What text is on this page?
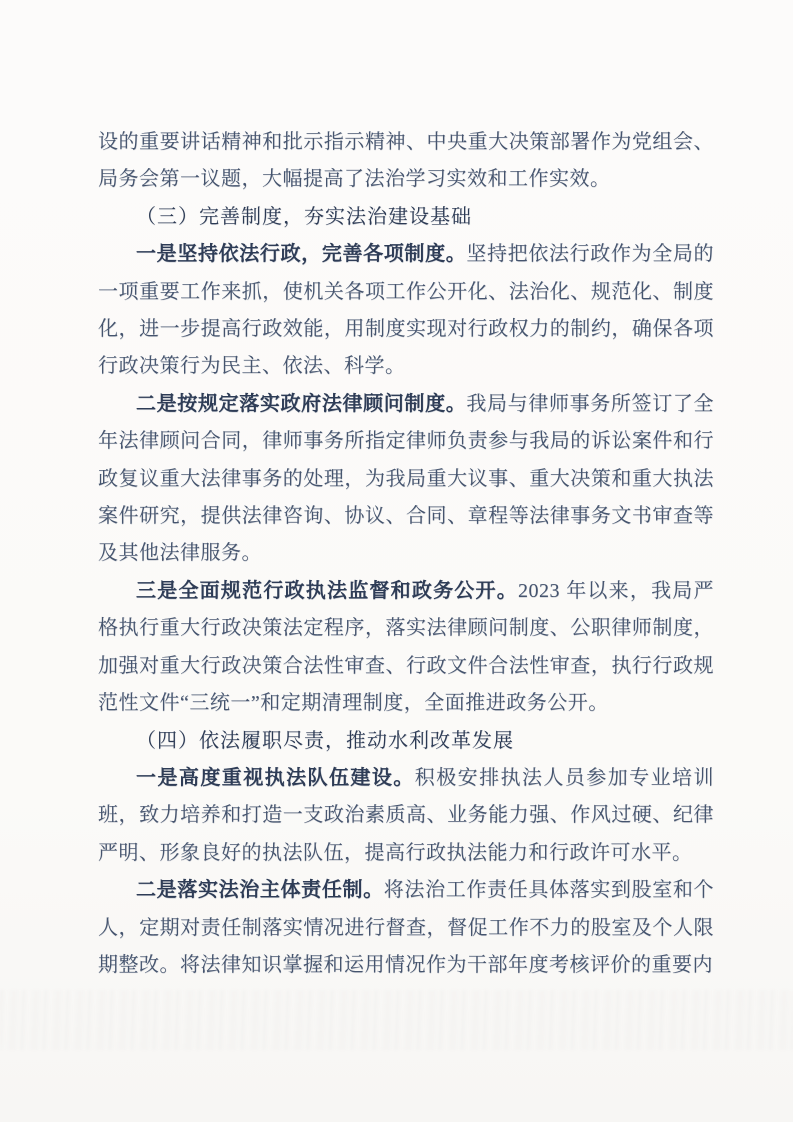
设的重要讲话精神和批示指示精神、中央重大决策部署作为党组会、局务会第一议题，大幅提高了法治学习实效和工作实效。

（三）完善制度，夯实法治建设基础

一是坚持依法行政，完善各项制度。坚持把依法行政作为全局的一项重要工作来抓，使机关各项工作公开化、法治化、规范化、制度化，进一步提高行政效能，用制度实现对行政权力的制约，确保各项行政决策行为民主、依法、科学。

二是按规定落实政府法律顾问制度。我局与律师事务所签订了全年法律顾问合同，律师事务所指定律师负责参与我局的诉讼案件和行政复议重大法律事务的处理，为我局重大议事、重大决策和重大执法案件研究，提供法律咨询、协议、合同、章程等法律事务文书审查等及其他法律服务。

三是全面规范行政执法监督和政务公开。2023 年以来，我局严格执行重大行政决策法定程序，落实法律顾问制度、公职律师制度，加强对重大行政决策合法性审查、行政文件合法性审查，执行行政规范性文件“三统一”和定期清理制度，全面推进政务公开。

（四）依法履职尽责，推动水利改革发展

一是高度重视执法队伍建设。积极安排执法人员参加专业培训班，致力培养和打造一支政治素质高、业务能力强、作风过硬、纪律严明、形象良好的执法队伍，提高行政执法能力和行政许可水平。

二是落实法治主体责任制。将法治工作责任具体落实到股室和个人，定期对责任制落实情况进行督查，督促工作不力的股室及个人限期整改。将法律知识掌握和运用情况作为干部年度考核评价的重要内
